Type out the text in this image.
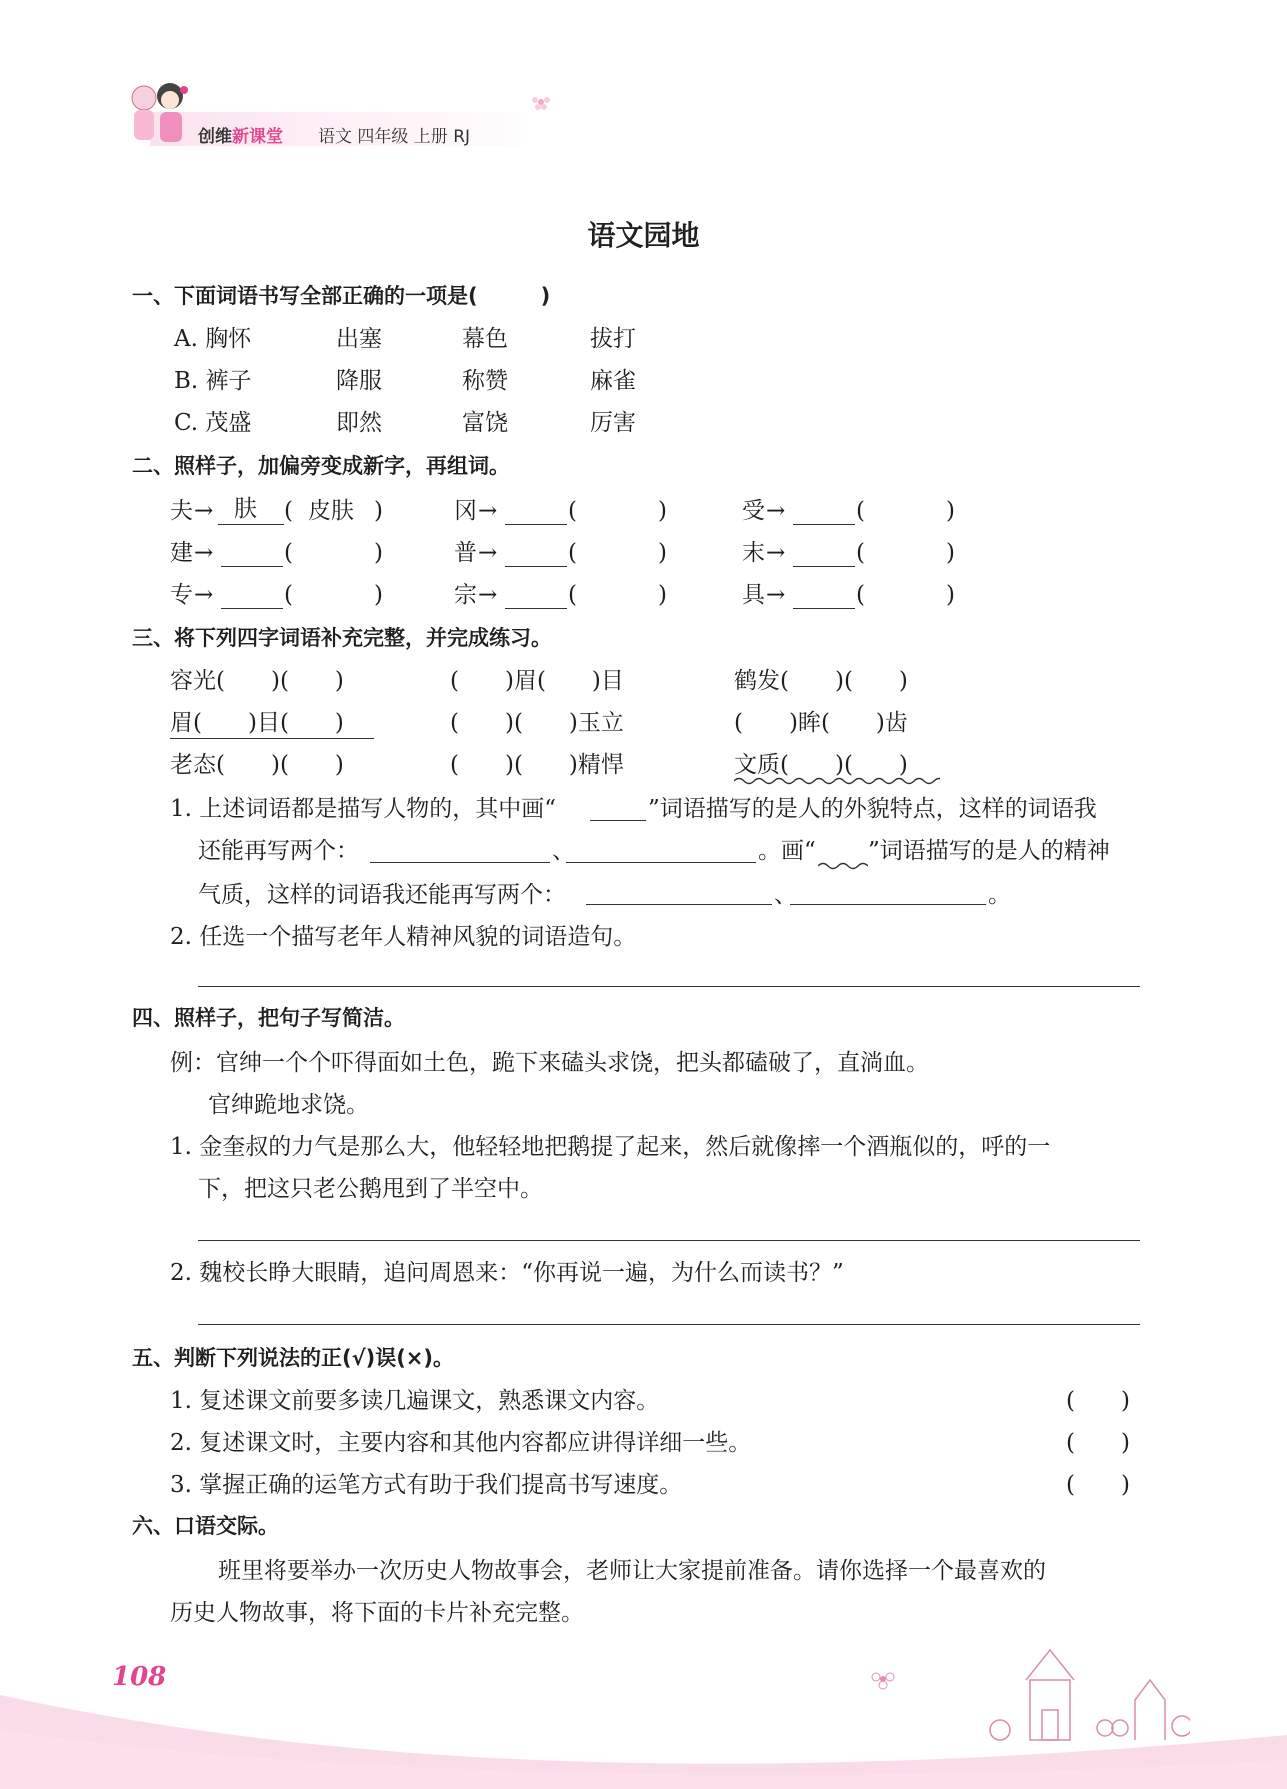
创维 新课堂 语文 四年级 上册 RJ
语文园地
一、下面词语书写全部正确的一项是(　　　)
A. 胸怀	出塞	幕色	拔打
B. 裤子	降服	称赞	麻雀
C. 茂盛	即然	富饶	厉害
二、照样子，加偏旁变成新字，再组词。
夫 → 肤 ( 皮肤 )	冈 →	(	)	受 →	(	)
建 →	(	)	普 →	(	)	末 →	(	)
专 →	(	)	宗 →	(	)	具 →	(	)
三、将下列四字词语补充完整，并完成练习。
容光(　　)(　　)	(　　)眉(　　)目	鹤发(　　)(　　)
眉(　　)目(　　)	(　　)(　　)玉立	(　　)眸(　　)齿
老态(　　)(　　)	(　　)(　　)精悍	文质(　　)(　　)
1. 上述词语都是描写人物的，其中画“	”词语描写的是人的外貌特点，这样的词语我
还能再写两个：	、	。画“ ”词语描写的是人的精神
气质，这样的词语我还能再写两个：	、	。
2. 任选一个描写老年人精神风貌的词语造句。
四、照样子，把句子写简洁。
例：官绅一个个吓得面如土色，跪下来磕头求饶，把头都磕破了，直淌血。
官绅跪地求饶。
1. 金奎叔的力气是那么大，他轻轻地把鹅提了起来，然后就像摔一个酒瓶似的，呼的一
下，把这只老公鹅甩到了半空中。
2. 魏校长睁大眼睛，追问周恩来：“你再说一遍，为什么而读书？”
五、判断下列说法的正(√)误(×)。
1. 复述课文前要多读几遍课文，熟悉课文内容。	(　　)
2. 复述课文时，主要内容和其他内容都应讲得详细一些。	(　　)
3. 掌握正确的运笔方式有助于我们提高书写速度。	(　　)
六、口语交际。
班里将要举办一次历史人物故事会，老师让大家提前准备。请你选择一个最喜欢的
历史人物故事，将下面的卡片补充完整。
108
